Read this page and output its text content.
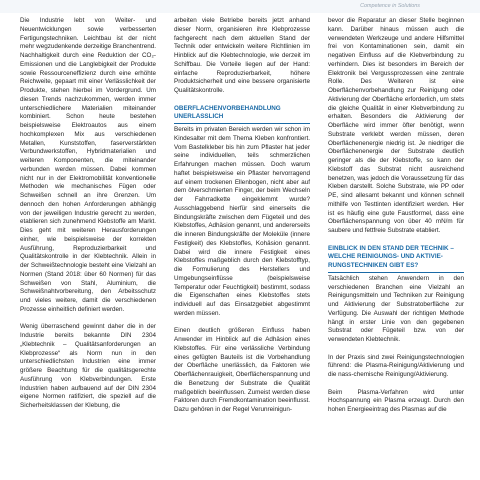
Competence in Solutions

Die Industrie lebt von Weiter- und Neuentwicklungen sowie verbesserten Fertigungstechniken. Leichtbau ist der nicht mehr wegzudenkende derzeitige Branchentrend. Nachhaltigkeit durch eine Reduktion der CO₂-Emissionen und die Langlebigkeit der Produkte sowie Ressourceneffizienz durch eine erhöhte Reichweite, gepaart mit einer Verlässlichkeit der Produkte, stehen hierbei im Vordergrund. Um diesen Trends nachzukommen, werden immer unterschiedlichere Materialien miteinander kombiniert. Schon heute bestehen beispielsweise Elektroautos aus einem hochkomplexen Mix aus verschiedenen Metallen, Kunststoffen, faserverstärkten Verbundwerkstoffen, Hybridmaterialien und weiteren Komponenten, die miteinander verbunden werden müssen. Dabei kommen nicht nur in der Elektromobilität konventionelle Methoden wie mechanisches Fügen oder Schweißen schnell an ihre Grenzen. Um dennoch den hohen Anforderungen abhängig von der jeweiligen Industrie gerecht zu werden, etablieren sich zunehmend Klebstoffe am Markt. Dies geht mit weiteren Herausforderungen einher, wie beispielsweise der korrekten Ausführung, Reproduzierbarkeit und Qualitätskontrolle in der Klebtechnik. Allein in der Schweißtechnologie besteht eine Vielzahl an Normen (Stand 2018: über 60 Normen) für das Schweißen von Stahl, Aluminium, die Schweißnahtvorbereitung, den Arbeitsschutz und vieles weitere, damit die verschiedenen Prozesse einheitlich definiert werden.

Wenig überraschend gewinnt daher die in der Industrie bereits bekannte DIN 2304 „Klebtechnik – Qualitätsanforderungen an Klebprozesse“ als Norm nun in den unterschiedlichsten Industrien eine immer größere Beachtung für die qualitätsgerechte Ausführung von Klebverbindungen. Erste Industrien haben aufbauend auf der DIN 2304 eigene Normen ratifiziert, die speziell auf die Sicherheitsklassen der Klebung, die

arbeiten viele Betriebe bereits jetzt anhand dieser Norm, organisieren ihre Klebprozesse fachgerecht nach dem aktuellen Stand der Technik oder entwickeln weitere Richtlinien im Hinblick auf die Klebtechnologie, wie derzeit im Schiffbau. Die Vorteile liegen auf der Hand: einfache Reproduzierbarkeit, höhere Produktsicherheit und eine bessere organisierte Qualitätskontrolle.

OBERFLÄCHENVORBEHANDLUNG
UNERLÄSSLICH

Bereits im privaten Bereich werden wir schon im Kindesalter mit dem Thema Kleben konfrontiert. Vom Bastelkleber bis hin zum Pflaster hat jeder seine individuellen, teils schmerzlichen Erfahrungen machen müssen. Doch warum haftet beispielsweise ein Pflaster hervorragend auf einem trockenen Ellenbogen, nicht aber auf dem ölverschmierten Finger, der beim Wechseln der Fahrradkette eingeklemmt wurde? Ausschlaggebend hierfür sind einerseits die Bindungskräfte zwischen dem Fügeteil und des Klebstoffes, Adhäsion genannt, und andererseits die inneren Bindungskräfte der Moleküle (innere Festigkeit) des Klebstoffes, Kohäsion genannt. Dabei wird die innere Festigkeit eines Klebstoffes maßgeblich durch den Klebstofftyp, die Formulierung des Herstellers und Umgebungseinflüsse (beispielsweise Temperatur oder Feuchtigkeit) bestimmt, sodass die Eigenschaften eines Klebstoffes stets individuell auf das Einsatzgebiet abgestimmt werden müssen.

Einen deutlich größeren Einfluss haben Anwender im Hinblick auf die Adhäsion eines Klebstoffes. Für eine verlässliche Verbindung eines gefügten Bauteils ist die Vorbehandlung der Oberfläche unerlässlich, da Faktoren wie Oberflächenrauigkeit, Oberflächenspannung und die Benetzung der Substrate die Qualität maßgeblich beeinflussen. Zumeist werden diese Faktoren durch Fremdkontamination beeinflusst. Dazu gehören in der Regel Verunreinigun-

bevor die Reparatur an dieser Stelle beginnen kann. Darüber hinaus müssen auch die verwendeten Werkzeuge und andere Hilfsmittel frei von Kontaminationen sein, damit ein negativen Einfluss auf die Klebverbindung zu verhindern. Dies ist besonders im Bereich der Elektronik bei Vergussprozessen eine zentrale Rolle. Des Weiteren ist eine Oberflächenvorbehandlung zur Reinigung oder Aktivierung der Oberfläche erforderlich, um stets die gleiche Qualität in einer Klebverbindung zu erhalten. Besonders die Aktivierung der Oberfläche wird immer öfter benötigt, wenn Substrate verklebt werden müssen, deren Oberflächenenergie niedrig ist. Je niedriger die Oberflächenenergie der Substrate deutlich geringer als die der Klebstoffe, so kann der Klebstoff das Substrat nicht ausreichend benetzen, was jedoch die Voraussetzung für das Kleben darstellt. Solche Substrate, wie PP oder PE, sind allesamt bekannt und können schnell mithilfe von Testtinten identifiziert werden. Hier ist es häufig eine gute Faustformel, dass eine Oberflächenspannung von über 40 mN/m für saubere und fettfreie Substrate etabliert.

EINBLICK IN DEN STAND DER TECHNIK –
WELCHE REINIGUNGS- UND AKTIVIE-
RUNGSTECHNIKEN GIBT ES?

Tatsächlich stehen Anwendern in den verschiedenen Branchen eine Vielzahl an Reinigungsmitteln und Techniken zur Reinigung und Aktivierung der Substratoberfläche zur Verfügung. Die Auswahl der richtigen Methode hängt in erster Linie von den gegebenen Substrat oder Fügeteil bzw. von der verwendeten Klebtechnik.

In der Praxis sind zwei Reinigungstechnologien führend: die Plasma-Reinigung/Aktivierung und die nass-chemische Reinigung/Aktivierung.

Beim Plasma-Verfahren wird unter Hochspannung ein Plasma erzeugt. Durch den hohen Energieeintrag des Plasmas auf die
